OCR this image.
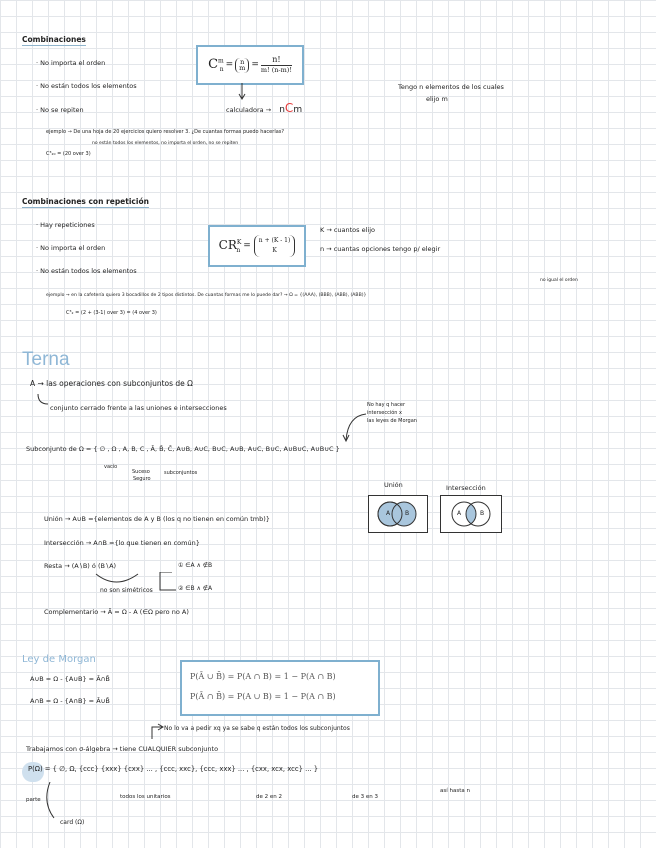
Combinaciones
· No importa el orden
· No están todos los elementos
· No se repiten
$C^m_n = n$
m =
n!
m! (n-m)!
calculadora → nCm
Tengo n elementos de los cuales
elijo m
ejemplo → De una hoja de 20 ejercicios quiero resolver 3. ¿De cuantas formas puedo hacerlas?
no están todos los elementos, no importa el orden, no se repiten
C³₂₀ = (20 over 3)
Combinaciones con repetición
· Hay repeticiones
· No importa el orden
· No están todos los elementos
$CR^K_n$ =
n + (K - 1)
K
K → cuantos elijo
n → cuantas opciones tengo p/ elegir
no igual el orden
ejemplo → en la cafetería quiero 3 bocadillos de 2 tipos distintos. De cuantas formas me lo puede dar? → Ω = {(AAA), (BBB), (ABB), (ABB)}
C³₂ = (2 + (3-1) over 3) = (4 over 3)
Terna
A → las operaciones con subconjuntos de Ω
conjunto cerrado frente a las uniones e intersecciones	No hay q hacer
intersección x
las leyes de Morgan
Subconjunto de Ω = { ∅ , Ω , A, B, C , Ā, B̄, C̄, A∪B, A∪C, B∪C, A∪B, A∪C, B∪C, A∪B∪C, A∪B∪C }
vacío
Suceso
Seguro
subconjuntos
Unión	Intersección
A B	A	B
Unión → A∪B ={elementos de A y B (los q no tienen en común tmb)}
Intersección → A∩B ={lo que tienen en común}
Resta → (A∖B) ó (B∖A)	① ∈A ∧ ∉B
② ∈B ∧ ∉A
no son simétricos
Complementario → Ā = Ω - A (∈Ω pero no A)
Ley de Morgan
A∪B = Ω - {A∪B} = Ā∩B̄
A∩B = Ω - {A∩B} = Ā∪B̄
P(Ā ∪ B̄) = P(A ∩ B) = 1 − P(A ∩ B)
P(Ā ∩ B̄) = P(A ∪ B) = 1 − P(A ∩ B)
No lo va a pedir xq ya se sabe q están todos los subconjuntos
Trabajamos con σ-álgebra → tiene CUALQUIER subconjunto
P(Ω) = { ∅, Ω, {ccc} {xxx} {cxx} ... , {ccc, xxc}, {ccc, xxx} ... , {cxx, xcx, xcc} ... }
todos los unitarios	de 2 en 2	de 3 en 3
así hasta n
parte
card (Ω)
